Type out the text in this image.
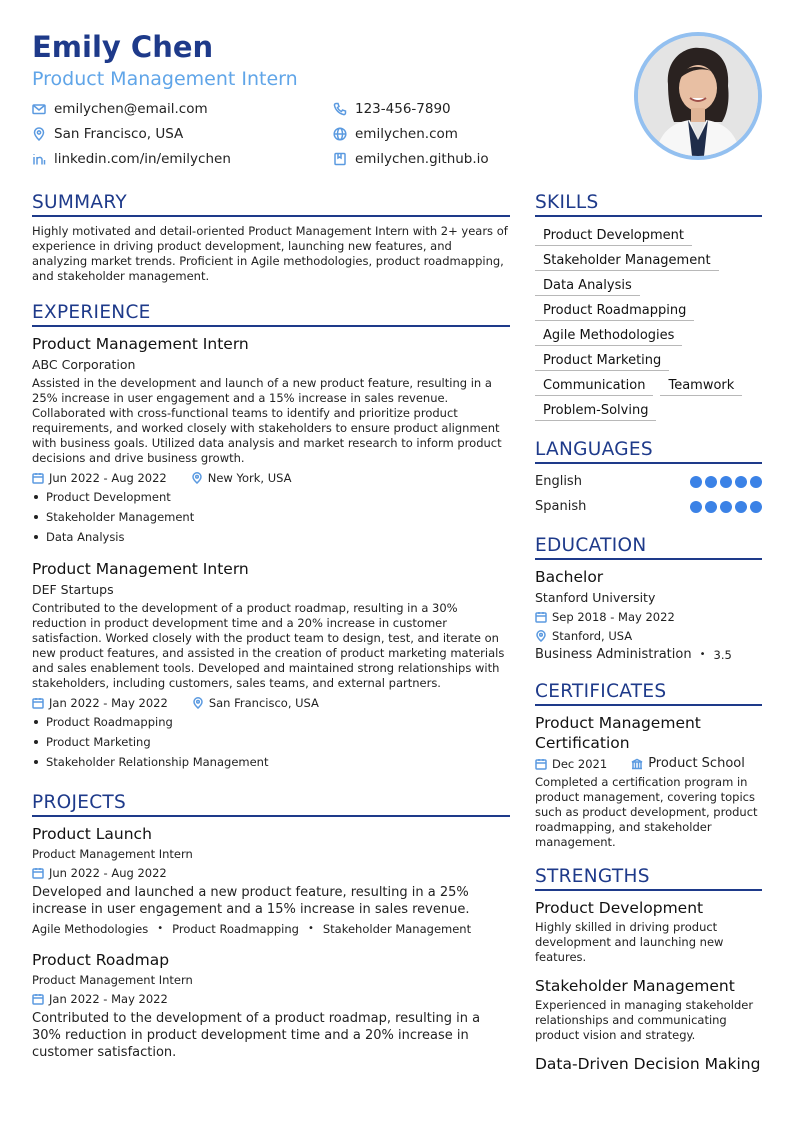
Emily Chen
Product Management Intern
emilychen@email.com	123-456-7890
San Francisco, USA	emilychen.com
linkedin.com/in/emilychen	emilychen.github.io
SUMMARY
Highly motivated and detail-oriented Product Management Intern with 2+ years of experience in driving product development, launching new features, and analyzing market trends. Proficient in Agile methodologies, product roadmapping, and stakeholder management.
EXPERIENCE
Product Management Intern
ABC Corporation
Assisted in the development and launch of a new product feature, resulting in a 25% increase in user engagement and a 15% increase in sales revenue. Collaborated with cross-functional teams to identify and prioritize product requirements, and worked closely with stakeholders to ensure product alignment with business goals. Utilized data analysis and market research to inform product decisions and drive business growth.
Jun 2022 - Aug 2022	New York, USA
Product Development
Stakeholder Management
Data Analysis
Product Management Intern
DEF Startups
Contributed to the development of a product roadmap, resulting in a 30% reduction in product development time and a 20% increase in customer satisfaction. Worked closely with the product team to design, test, and iterate on new product features, and assisted in the creation of product marketing materials and sales enablement tools. Developed and maintained strong relationships with stakeholders, including customers, sales teams, and external partners.
Jan 2022 - May 2022	San Francisco, USA
Product Roadmapping
Product Marketing
Stakeholder Relationship Management
PROJECTS
Product Launch
Product Management Intern
Jun 2022 - Aug 2022
Developed and launched a new product feature, resulting in a 25% increase in user engagement and a 15% increase in sales revenue.
Agile Methodologies • Product Roadmapping • Stakeholder Management
Product Roadmap
Product Management Intern
Jan 2022 - May 2022
Contributed to the development of a product roadmap, resulting in a 30% reduction in product development time and a 20% increase in customer satisfaction.
SKILLS
Product Development
Stakeholder Management
Data Analysis
Product Roadmapping
Agile Methodologies
Product Marketing
Communication	Teamwork
Problem-Solving
LANGUAGES
English
Spanish
EDUCATION
Bachelor
Stanford University
Sep 2018 - May 2022
Stanford, USA
Business Administration • 3.5
CERTIFICATES
Product Management Certification
Dec 2021	Product School
Completed a certification program in product management, covering topics such as product development, product roadmapping, and stakeholder management.
STRENGTHS
Product Development
Highly skilled in driving product development and launching new features.
Stakeholder Management
Experienced in managing stakeholder relationships and communicating product vision and strategy.
Data-Driven Decision Making
